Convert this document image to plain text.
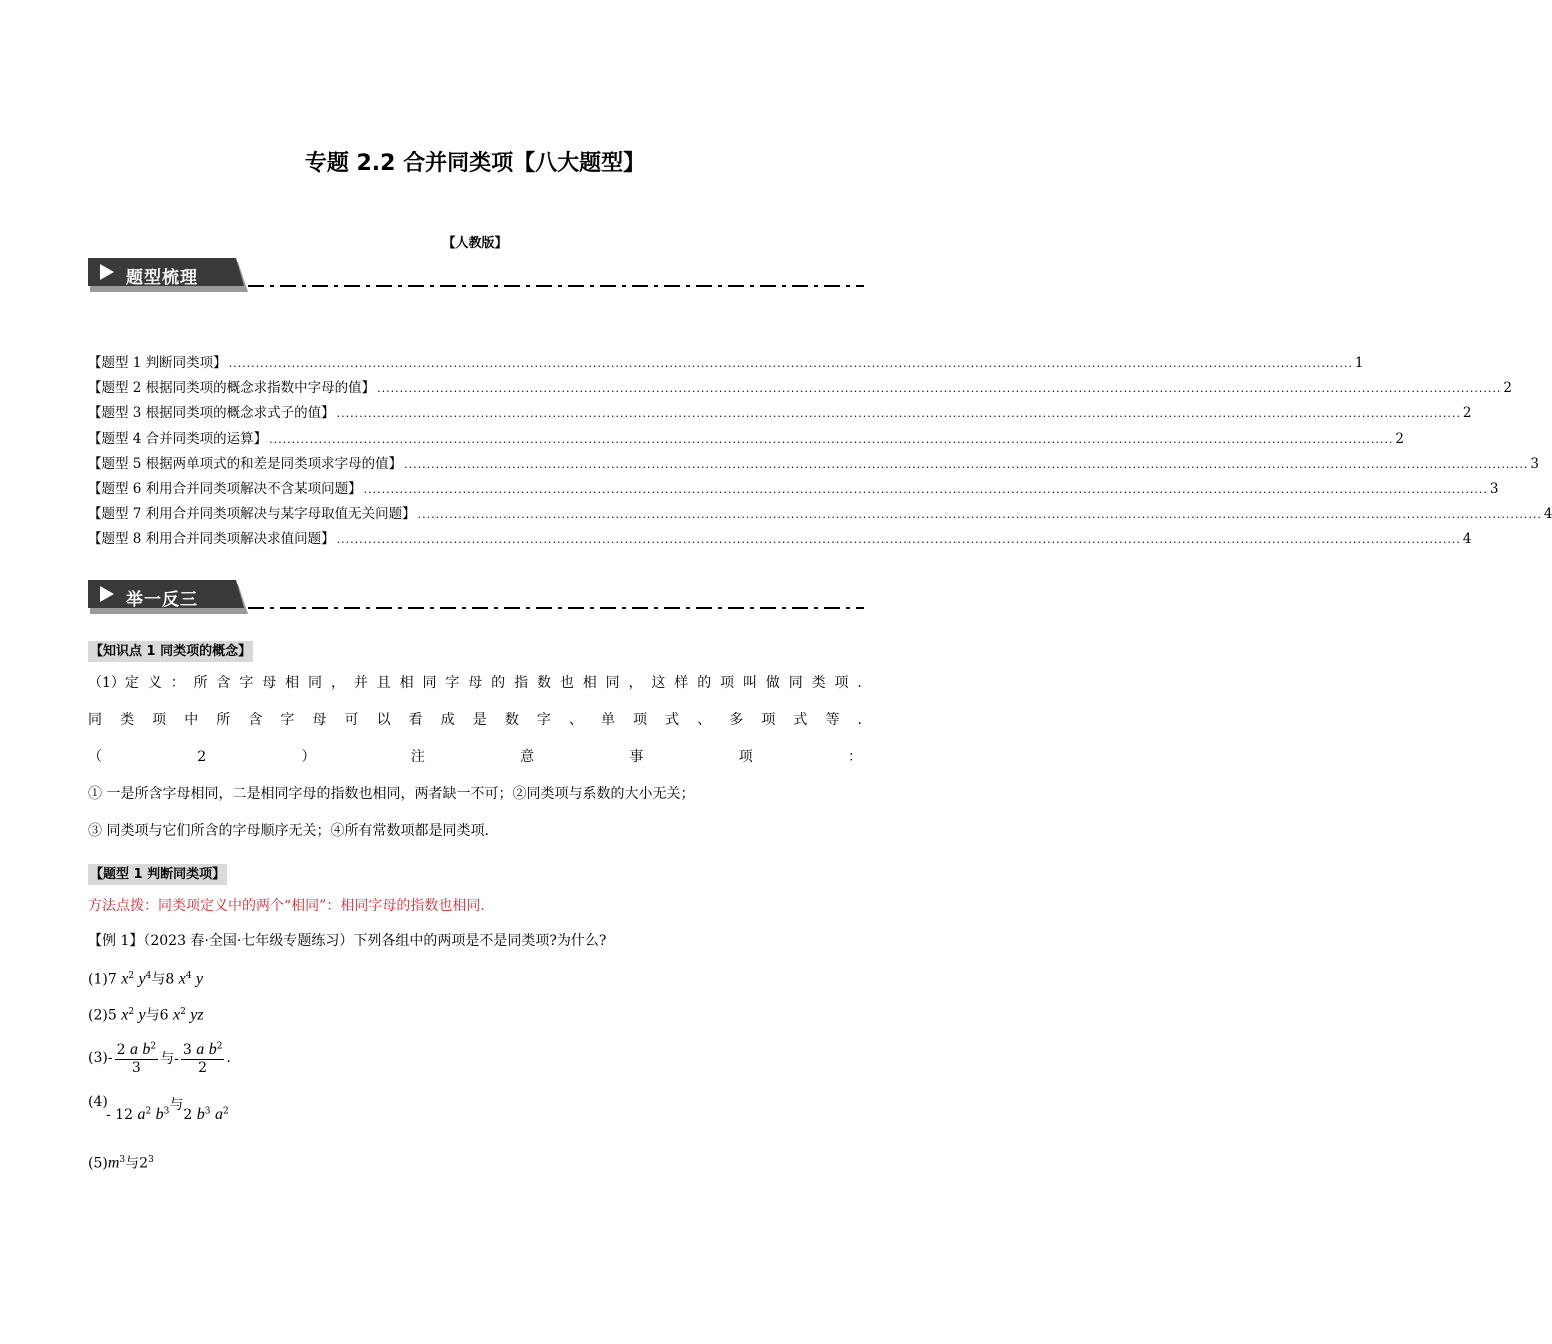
专题 2.2 合并同类项【八大题型】
【人教版】
题型梳理
【题型 1 判断同类项】 .......................................................................................................................................................................................................................................................... 1
【题型 2 根据同类项的概念求指数中字母的值】 .......................................................................................................................................................................................................................................................... 2
【题型 3 根据同类项的概念求式子的值】 .......................................................................................................................................................................................................................................................... 2
【题型 4 合并同类项的运算】 .......................................................................................................................................................................................................................................................... 2
【题型 5 根据两单项式的和差是同类项求字母的值】 .......................................................................................................................................................................................................................................................... 3
【题型 6 利用合并同类项解决不含某项问题】 .......................................................................................................................................................................................................................................................... 3
【题型 7 利用合并同类项解决与某字母取值无关问题】 .......................................................................................................................................................................................................................................................... 4
【题型 8 利用合并同类项解决求值问题】 .......................................................................................................................................................................................................................................................... 4
举一反三
【知识点 1 同类项的概念】
（1）定 义 ： 所 含 字 母 相 同 ， 并 且 相 同 字 母 的 指 数 也 相 同 ， 这 样 的 项 叫 做 同 类 项 .
同 类 项 中 所 含 字 母 可 以 看 成 是 数 字 、 单 项 式 、 多 项 式 等 .
（	2	）	注	意	事	项	：
① 一是所含字母相同，二是相同字母的指数也相同，两者缺一不可；②同类项与系数的大小无关；
③ 同类项与它们所含的字母顺序无关；④所有常数项都是同类项.
【题型 1 判断同类项】
方法点拨：同类项定义中的两个“相同”：相同字母的指数也相同.
【例 1】（2023 春·全国·七年级专题练习）下列各组中的两项是不是同类项?为什么?
(1)7 $x^2$ $y^4$与8 $x^4$ y
(2)5 $x^2$ y与6 $x^2$ yz
$(3)- \frac{2 a b^2}{3}$ 与- $\frac{3 a b^2}{2}$ .
(4)
- 12 $a^2$ $b^3$与2 $b^3$ $a^2$
$(5)m^3$与$2^3$
